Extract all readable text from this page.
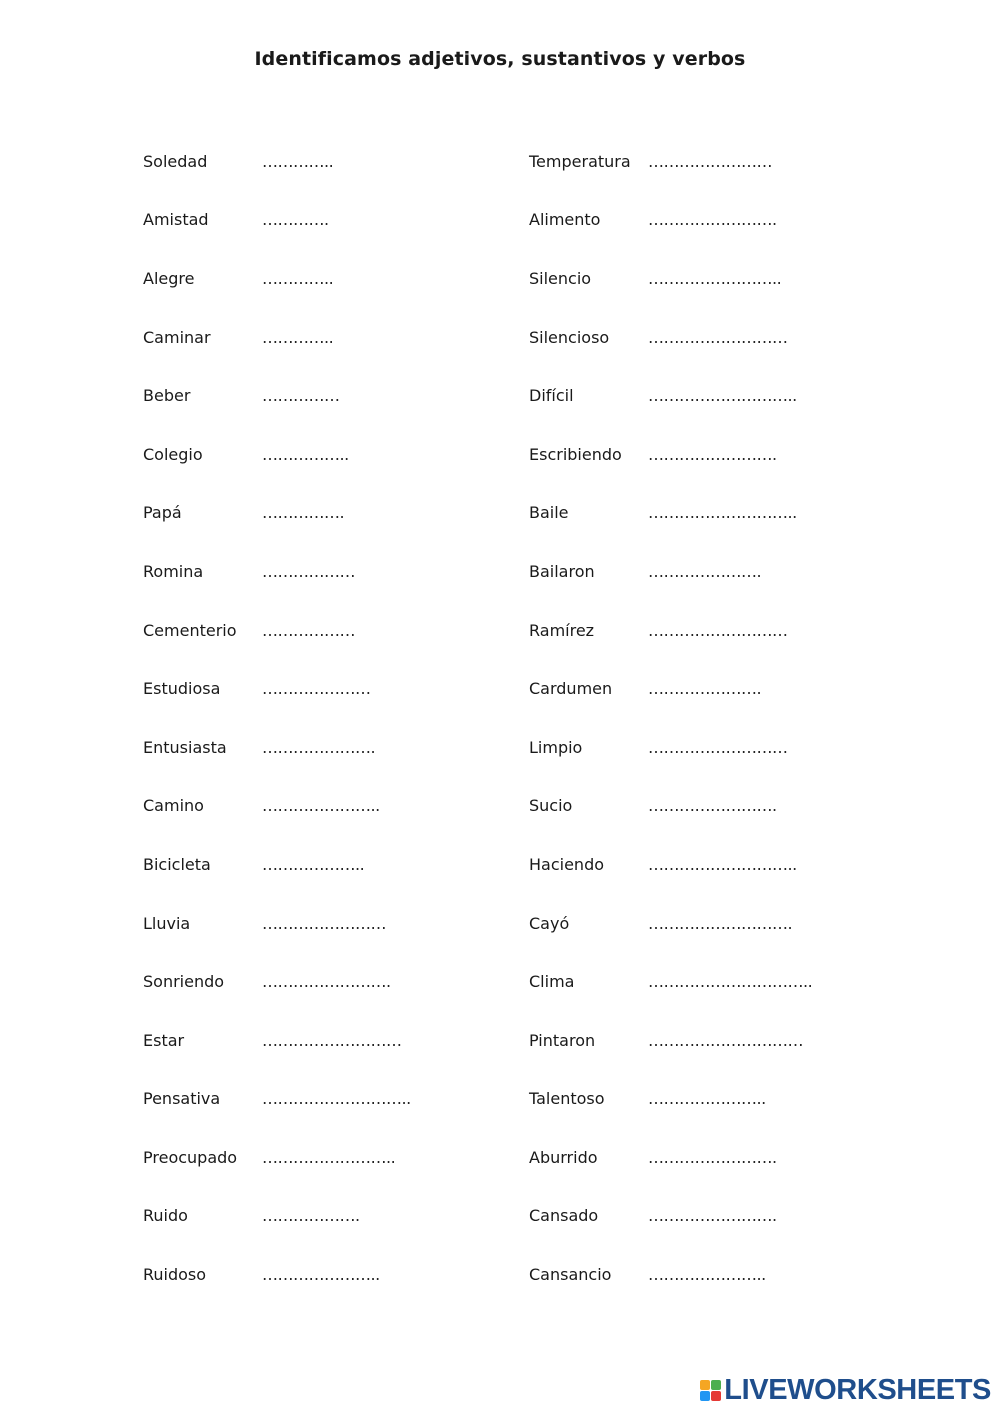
Identificamos adjetivos, sustantivos y verbos
Soledad	…………..
Amistad	………….
Alegre	…………..
Caminar	…………..
Beber	……………
Colegio	……………..
Papá	…………….
Romina	………………
Cementerio	………………
Estudiosa	…………………
Entusiasta	………………….
Camino	…………………..
Bicicleta	………………..
Lluvia	……………………
Sonriendo	…………………….
Estar	………………………
Pensativa	………………………..
Preocupado	……………………..
Ruido	……………….
Ruidoso	…………………..
Temperatura	……………………
Alimento	…………………….
Silencio	……………………..
Silencioso	………………………
Difícil	………………………..
Escribiendo	…………………….
Baile	………………………..
Bailaron	………………….
Ramírez	………………………
Cardumen	………………….
Limpio	………………………
Sucio	…………………….
Haciendo	………………………..
Cayó	……………………….
Clima	…………………………..
Pintaron	…………………………
Talentoso	…………………..
Aburrido	…………………….
Cansado	…………………….
Cansancio	…………………..
LIVEWORKSHEETS
